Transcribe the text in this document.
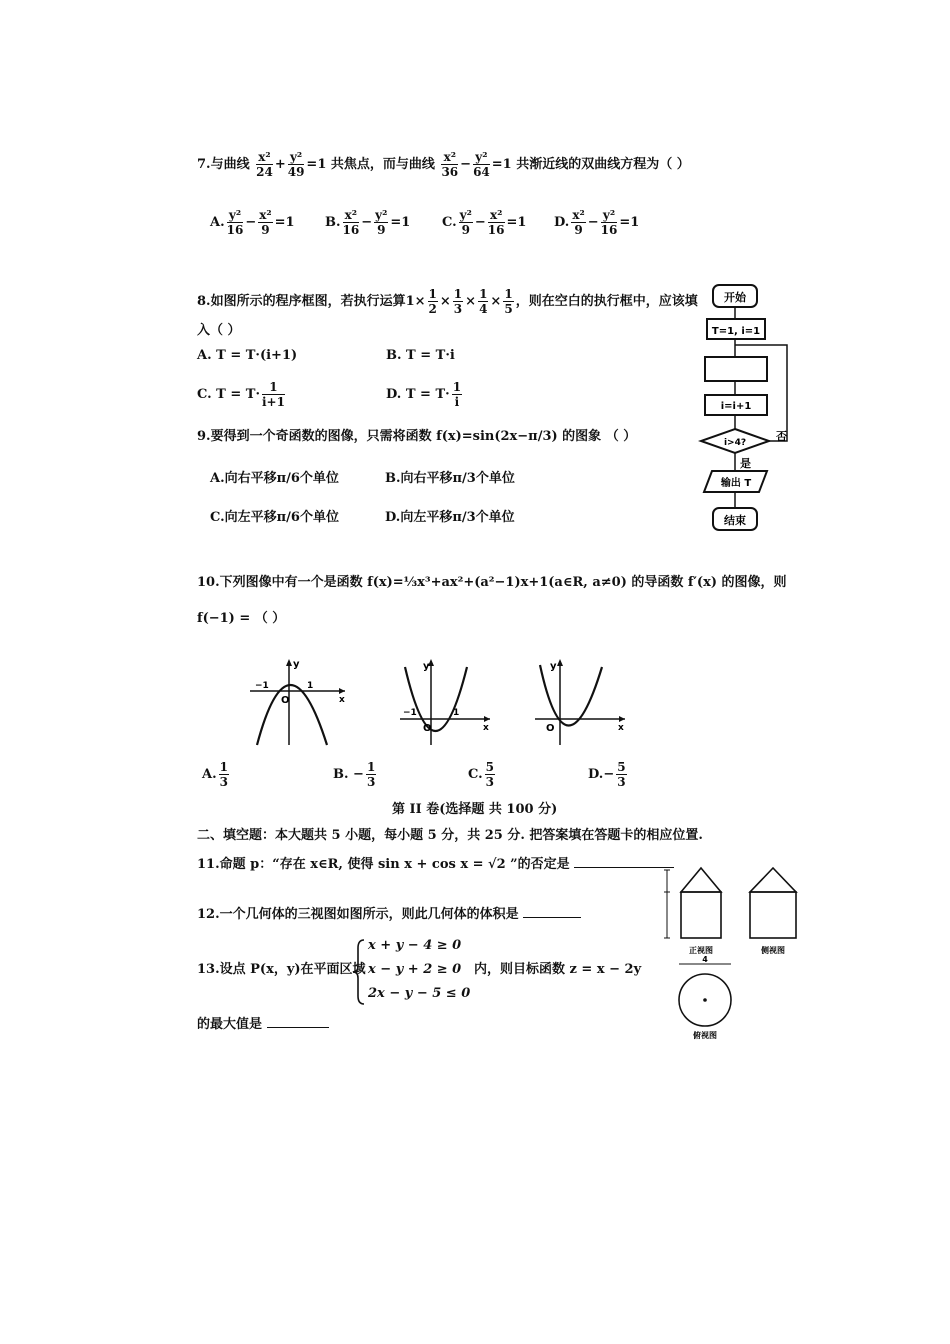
7.与曲线 $\frac{\text{x²}}{24} + \frac{\text{y²}}{49} =1$ 共焦点，而与曲线 $\frac{\text{x²}}{36} - \frac{\text{y²}}{64} =1$ 共渐近线的双曲线方程为（ ）
A. $\frac{\text{y²}}{16} - \frac{\text{x²}}{9} =1$ B. $\frac{\text{x²}}{16} - \frac{\text{y²}}{9} =1$ C. $\frac{\text{y²}}{9} - \frac{\text{x²}}{16} =1$ D. $\frac{\text{x²}}{9} - \frac{\text{y²}}{16} =1$
8.如图所示的程序框图，若执行运算$1\times \frac{1}{2} \times \frac{1}{3} \times \frac{1}{4} \times \frac{1}{5}$ ，则在空白的执行框中，应该填
入（ ）
A. T = T·(i+1)	B. T = T·i
C. $T = T\cdot \frac{1}{i+1}$	D. $T = T\cdot \frac{1}{i}$
开始
T=1, i=1
i=i+1
i>4?	否
是
输出 T
结束
9.要得到一个奇函数的图像，只需将函数 f(x)=sin(2x−π/3) 的图象 （ ）
A.向右平移π/6个单位	B.向右平移π/3个单位
C.向左平移π/6个单位	D.向左平移π/3个单位
10.下列图像中有一个是函数 f(x)=⅓x³+ax²+(a²−1)x+1(a∈R, a≠0) 的导函数 f′(x) 的图像，则
f(−1) = （ ）
y
x
O
−1	1
y
x
O
−1	1
y
x
O
A. $\frac{1}{3}$	B. − $\frac{1}{3}$	C. $\frac{5}{3}$	$D.- \frac{5}{3}$
第 II 卷(选择题 共 100 分)
二、填空题：本大题共 5 小题，每小题 5 分，共 25 分. 把答案填在答题卡的相应位置.
11.命题 p：“存在 x∈R, 使得 sin x + cos x = √2 ”的否定是
12.一个几何体的三视图如图所示，则此几何体的体积是
13.设点 P(x，y)在平面区域
x + y − 4 ≥ 0
x − y + 2 ≥ 0
2x − y − 5 ≤ 0
内，则目标函数 z = x − 2y
的最大值是
正视图	侧视图
4
俯视图
